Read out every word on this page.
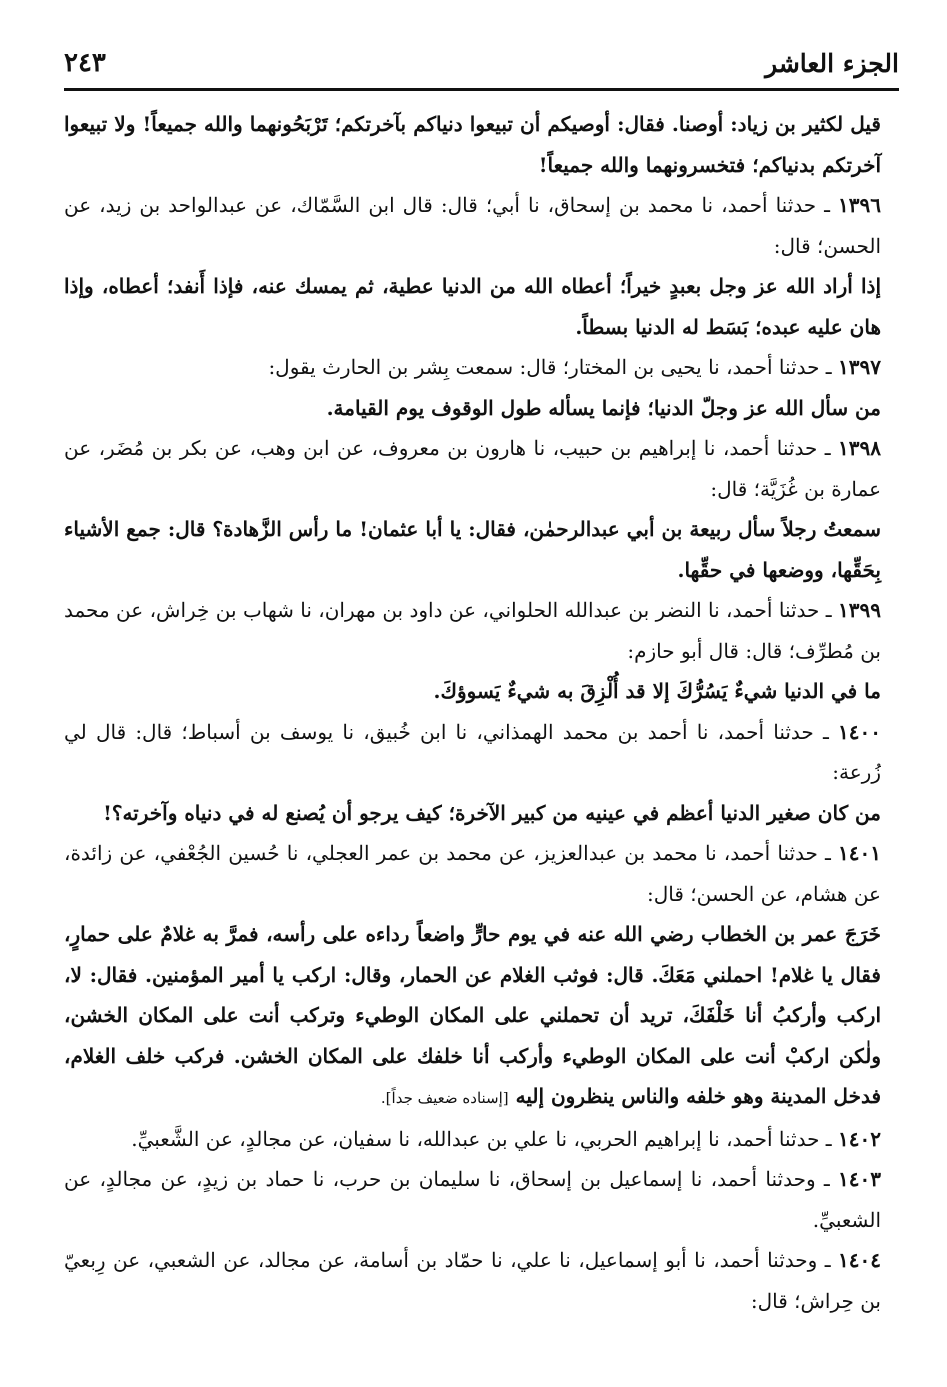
الجزء العاشر
٢٤٣

قيل لكثير بن زياد: أوصنا. فقال: أوصيكم أن تبيعوا دنياكم بآخرتكم؛ تَرْبَحُونهما والله جميعاً! ولا تبيعوا آخرتكم بدنياكم؛ فتخسرونهما والله جميعاً!

١٣٩٦ ـ حدثنا أحمد، نا محمد بن إسحاق، نا أبي؛ قال: قال ابن السَّمّاك، عن عبدالواحد بن زيد، عن الحسن؛ قال:

إذا أراد الله عز وجل بعبدٍ خيراً؛ أعطاه الله من الدنيا عطية، ثم يمسك عنه، فإذا أَنفد؛ أعطاه، وإذا هان عليه عبده؛ بَسَط له الدنيا بسطاً.

١٣٩٧ ـ حدثنا أحمد، نا يحيى بن المختار؛ قال: سمعت بِشر بن الحارث يقول:

من سأل الله عز وجلّ الدنيا؛ فإنما يسأله طول الوقوف يوم القيامة.

١٣٩٨ ـ حدثنا أحمد، نا إبراهيم بن حبيب، نا هارون بن معروف، عن ابن وهب، عن بكر بن مُضَر، عن عمارة بن غُزَيَّة؛ قال:

سمعتُ رجلاً سأل ربيعة بن أبي عبدالرحمٰن، فقال: يا أبا عثمان! ما رأس الزَّهادة؟ قال: جمع الأشياء بِحَقِّها، ووضعها في حقِّها.

١٣٩٩ ـ حدثنا أحمد، نا النضر بن عبدالله الحلواني، عن داود بن مهران، نا شهاب بن خِراش، عن محمد بن مُطرِّف؛ قال: قال أبو حازم:

ما في الدنيا شيءٌ يَسُرُّكَ إلا قد أُلْزِقَ به شيءٌ يَسوؤكَ.

١٤٠٠ ـ حدثنا أحمد، نا أحمد بن محمد الهمذاني، نا ابن خُبيق، نا يوسف بن أسباط؛ قال: قال لي زُرعة:

من كان صغير الدنيا أعظم في عينيه من كبير الآخرة؛ كيف يرجو أن يُصنع له في دنياه وآخرته؟!

١٤٠١ ـ حدثنا أحمد، نا محمد بن عبدالعزيز، عن محمد بن عمر العجلي، نا حُسين الجُعْفي، عن زائدة، عن هشام، عن الحسن؛ قال:

خَرَجَ عمر بن الخطاب رضي الله عنه في يوم حارٍّ واضعاً رداءه على رأسه، فمرَّ به غلامٌ على حمارٍ، فقال يا غلام! احملني مَعَكَ. قال: فوثب الغلام عن الحمار، وقال: اركب يا أمير المؤمنين. فقال: لا، اركب وأركبُ أنا خَلْفَكَ، تريد أن تحملني على المكان الوطيء وتركب أنت على المكان الخشن، ولٰكن اركبْ أنت على المكان الوطيء وأركب أنا خلفك على المكان الخشن. فركب خلف الغلام، فدخل المدينة وهو خلفه والناس ينظرون إليه [إسناده ضعيف جداً].

١٤٠٢ ـ حدثنا أحمد، نا إبراهيم الحربي، نا علي بن عبدالله، نا سفيان، عن مجالدٍ، عن الشَّعبيِّ.

١٤٠٣ ـ وحدثنا أحمد، نا إسماعيل بن إسحاق، نا سليمان بن حرب، نا حماد بن زيدٍ، عن مجالدٍ، عن الشعبيِّ.

١٤٠٤ ـ وحدثنا أحمد، نا أبو إسماعيل، نا علي، نا حمّاد بن أسامة، عن مجالد، عن الشعبي، عن رِبعيّ بن حِراش؛ قال:
